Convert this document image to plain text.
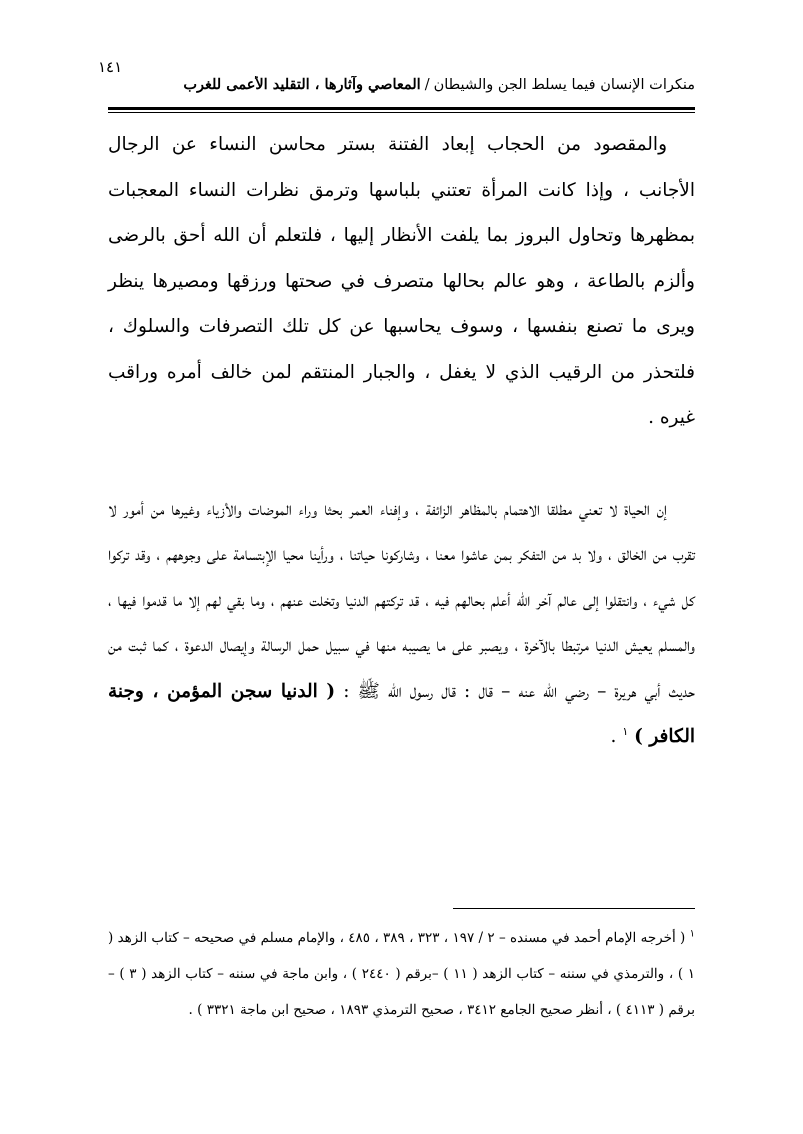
١٤١
منكرات الإنسان فيما يسلط الجن والشيطان/المعاصي وآثارها ، التقليد الأعمى للغرب

والمقصود من الحجاب إبعاد الفتنة بستر محاسن النساء عن الرجال الأجانب ، وإذا كانت المرأة تعتني بلباسها وترمق نظرات النساء المعجبات بمظهرها وتحاول البروز بما يلفت الأنظار إليها ، فلتعلم أن الله أحق بالرضى وألزم بالطاعة ، وهو عالم بحالها متصرف في صحتها ورزقها ومصيرها ينظر ويرى ما تصنع بنفسها ، وسوف يحاسبها عن كل تلك التصرفات والسلوك ، فلتحذر من الرقيب الذي لا يغفل ، والجبار المنتقم لمن خالف أمره وراقب غيره .

إن الحياة لا تعني مطلقا الاهتمام بالمظاهر الزائفة ، وإفناء العمر بحثا وراء الموضات والأزياء وغيرها من أمور لا تقرب من الخالق ، ولا بد من التفكر بمن عاشوا معنا ، وشاركونا حياتنا ، ورأينا محيا الإبتسامة على وجوههم ، وقد تركوا كل شيء ، وانتقلوا إلى عالم آخر الله أعلم بحالهم فيه ، قد تركتهم الدنيا وتخلت عنهم ، وما بقي لهم إلا ما قدموا فيها ، والمسلم يعيش الدنيا مرتبطا بالآخرة ، ويصبر على ما يصيبه منها في سبيل حمل الرسالة وإيصال الدعوة ، كما ثبت من حديث أبي هريرة – رضي الله عنه – قال : قال رسول الله ﷺ : ( الدنيا سجن المؤمن ، وجنة الكافر ) $^١$ .

$^١$ ( أخرجه الإمام أحمد في مسنده – ٢ / ١٩٧ ، ٣٢٣ ، ٣٨٩ ، ٤٨٥ ، والإمام مسلم في صحيحه – كتاب الزهد ( ١ ) ، والترمذي في سننه – كتاب الزهد ( ١١ ) –برقم ( ٢٤٤٠ ) ، وابن ماجة في سننه – كتاب الزهد ( ٣ ) – برقم ( ٤١١٣ ) ، أنظر صحيح الجامع ٣٤١٢ ، صحيح الترمذي ١٨٩٣ ، صحيح ابن ماجة ٣٣٢١ ) .
